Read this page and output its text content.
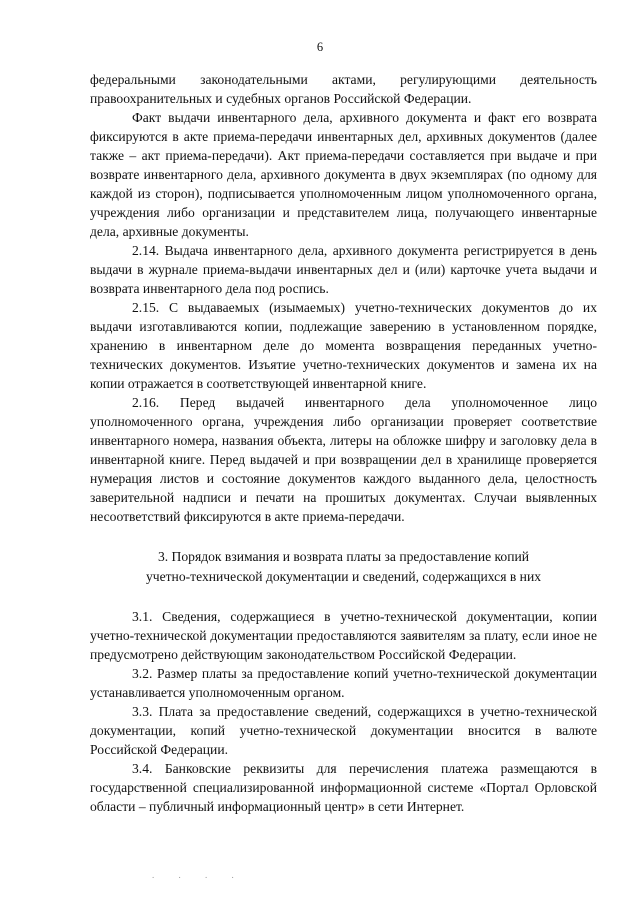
6

федеральными законодательными актами, регулирующими деятельность правоохранительных и судебных органов Российской Федерации.

Факт выдачи инвентарного дела, архивного документа и факт его возврата фиксируются в акте приема-передачи инвентарных дел, архивных документов (далее также – акт приема-передачи). Акт приема-передачи составляется при выдаче и при возврате инвентарного дела, архивного документа в двух экземплярах (по одному для каждой из сторон), подписывается уполномоченным лицом уполномоченного органа, учреждения либо организации и представителем лица, получающего инвентарные дела, архивные документы.

2.14. Выдача инвентарного дела, архивного документа регистрируется в день выдачи в журнале приема-выдачи инвентарных дел и (или) карточке учета выдачи и возврата инвентарного дела под роспись.

2.15. С выдаваемых (изымаемых) учетно-технических документов до их выдачи изготавливаются копии, подлежащие заверению в установленном порядке, хранению в инвентарном деле до момента возвращения переданных учетно-технических документов. Изъятие учетно-технических документов и замена их на копии отражается в соответствующей инвентарной книге.

2.16. Перед выдачей инвентарного дела уполномоченное лицо уполномоченного органа, учреждения либо организации проверяет соответствие инвентарного номера, названия объекта, литеры на обложке шифру и заголовку дела в инвентарной книге. Перед выдачей и при возвращении дел в хранилище проверяется нумерация листов и состояние документов каждого выданного дела, целостность заверительной надписи и печати на прошитых документах. Случаи выявленных несоответствий фиксируются в акте приема-передачи.

3. Порядок взимания и возврата платы за предоставление копий
учетно-технической документации и сведений, содержащихся в них

3.1. Сведения, содержащиеся в учетно-технической документации, копии учетно-технической документации предоставляются заявителям за плату, если иное не предусмотрено действующим законодательством Российской Федерации.

3.2. Размер платы за предоставление копий учетно-технической документации устанавливается уполномоченным органом.

3.3. Плата за предоставление сведений, содержащихся в учетно-технической документации, копий учетно-технической документации вносится в валюте Российской Федерации.

3.4. Банковские реквизиты для перечисления платежа размещаются в государственной специализированной информационной системе «Портал Орловской области – публичный информационный центр» в сети Интернет.

. . . .
